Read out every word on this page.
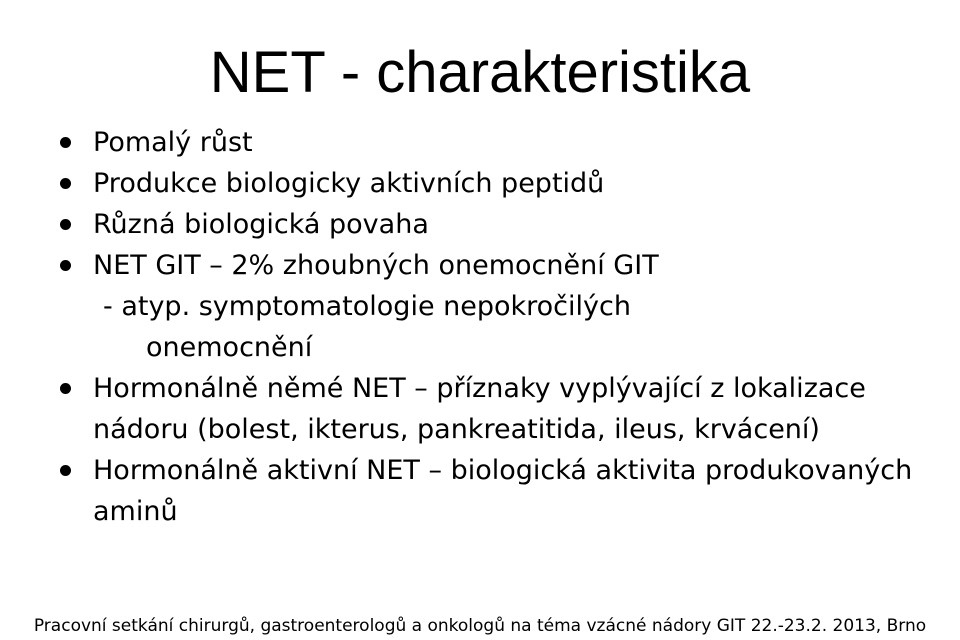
NET - charakteristika
Pomalý růst
Produkce biologicky aktivních peptidů
Různá biologická povaha
NET GIT – 2% zhoubných onemocnění GIT
- atyp. symptomatologie nepokročilých
onemocnění
Hormonálně němé NET – příznaky vyplývající z lokalizace nádoru (bolest, ikterus, pankreatitida, ileus, krvácení)
Hormonálně aktivní NET – biologická aktivita produkovaných aminů
Pracovní setkání chirurgů, gastroenterologů a onkologů na téma vzácné nádory GIT 22.-23.2. 2013, Brno
